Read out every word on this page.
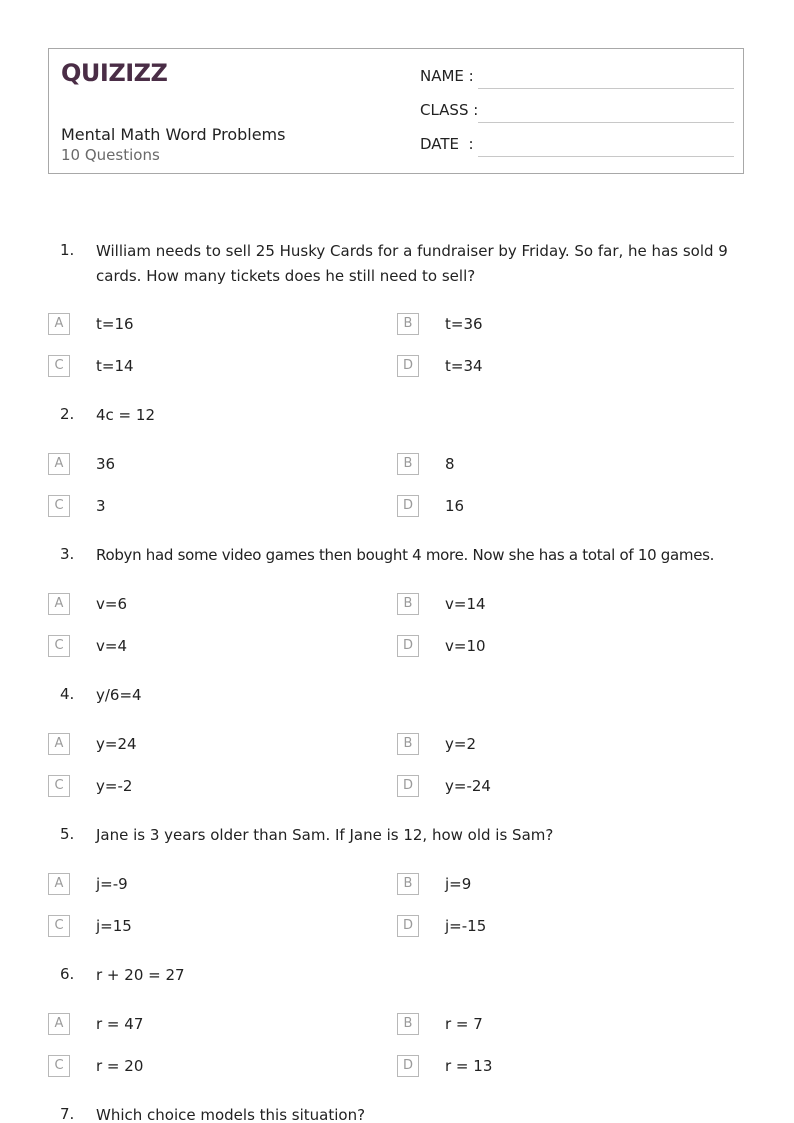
QUIZIZZ
Mental Math Word Problems
10 Questions
NAME :
CLASS :
DATE  :
1. William needs to sell 25 Husky Cards for a fundraiser by Friday. So far, he has sold 9 cards. How many tickets does he still need to sell?
A	t=16	B	t=36
C	t=14	D	t=34
2. 4c = 12
A	36	B	8
C	3	D	16
3. Robyn had some video games then bought 4 more. Now she has a total of 10 games.
A	v=6	B	v=14
C	v=4	D	v=10
4. y/6=4
A	y=24	B	y=2
C	y=-2	D	y=-24
5. Jane is 3 years older than Sam. If Jane is 12, how old is Sam?
A	j=-9	B	j=9
C	j=15	D	j=-15
6. r + 20 = 27
A	r = 47	B	r = 7
C	r = 20	D	r = 13
7. Which choice models this situation?
